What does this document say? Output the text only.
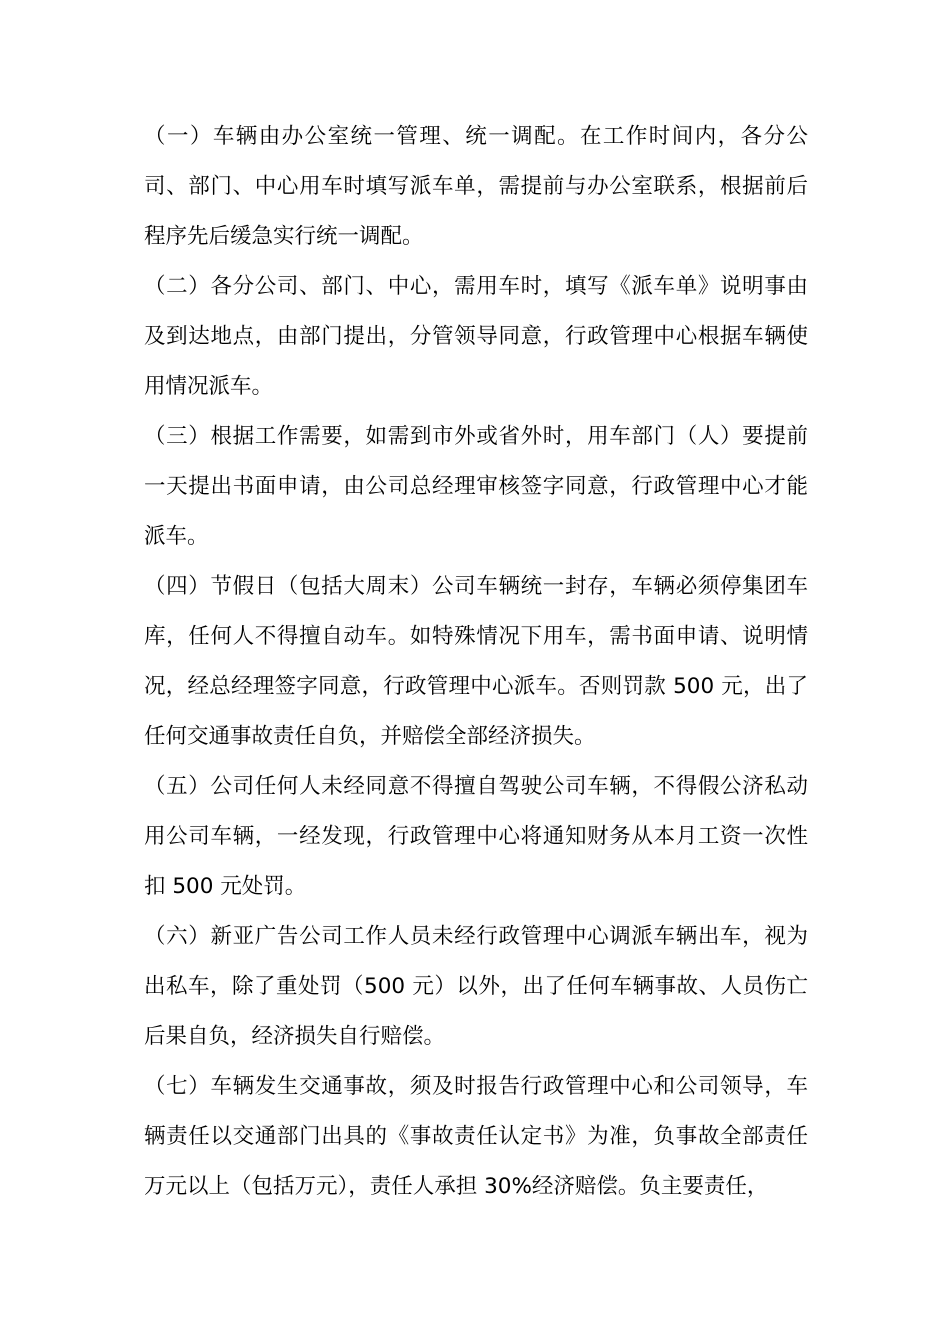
（一）车辆由办公室统一管理、统一调配。在工作时间内，各分公司、部门、中心用车时填写派车单，需提前与办公室联系，根据前后程序先后缓急实行统一调配。

（二）各分公司、部门、中心，需用车时，填写《派车单》说明事由及到达地点，由部门提出，分管领导同意，行政管理中心根据车辆使用情况派车。

（三）根据工作需要，如需到市外或省外时，用车部门（人）要提前一天提出书面申请，由公司总经理审核签字同意，行政管理中心才能派车。

（四）节假日（包括大周末）公司车辆统一封存，车辆必须停集团车库，任何人不得擅自动车。如特殊情况下用车，需书面申请、说明情况，经总经理签字同意，行政管理中心派车。否则罚款 500 元，出了任何交通事故责任自负，并赔偿全部经济损失。

（五）公司任何人未经同意不得擅自驾驶公司车辆，不得假公济私动用公司车辆，一经发现，行政管理中心将通知财务从本月工资一次性扣 500 元处罚。

（六）新亚广告公司工作人员未经行政管理中心调派车辆出车，视为出私车，除了重处罚（500 元）以外，出了任何车辆事故、人员伤亡后果自负，经济损失自行赔偿。

（七）车辆发生交通事故，须及时报告行政管理中心和公司领导，车辆责任以交通部门出具的《事故责任认定书》为准，负事故全部责任万元以上（包括万元），责任人承担 30%经济赔偿。负主要责任，
